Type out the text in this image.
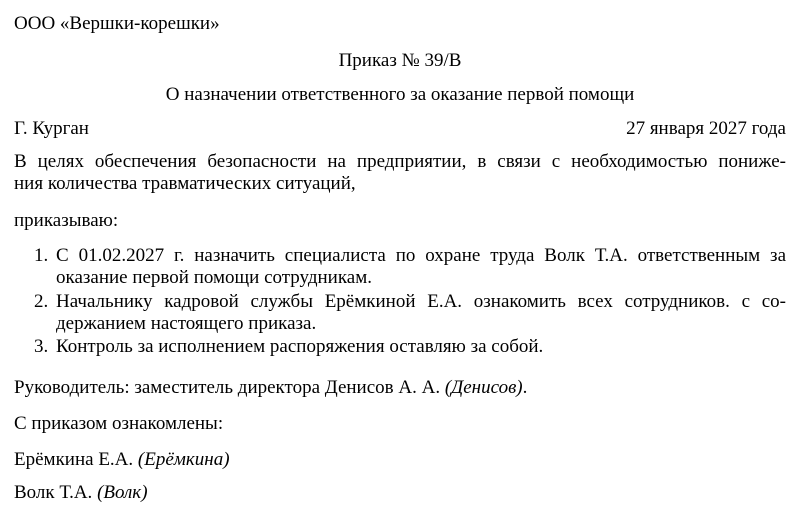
ООО «Вершки-корешки»
Приказ № 39/В
О назначении ответственного за оказание первой помощи
Г. Курган	27 января 2027 года
В целях обеспечения безопасности на предприятии, в связи с необходимостью пониже-
ния количества травматических ситуаций,
приказываю:
1. С 01.02.2027 г. назначить специалиста по охране труда Волк Т.А. ответственным за
оказание первой помощи сотрудникам.
2. Начальнику кадровой службы Ерёмкиной Е.А. ознакомить всех сотрудников. с со-
держанием настоящего приказа.
3. Контроль за исполнением распоряжения оставляю за собой.
Руководитель: заместитель директора Денисов А. А. (Денисов).
С приказом ознакомлены:
Ерёмкина Е.А. (Ерёмкина)
Волк Т.А. (Волк)
